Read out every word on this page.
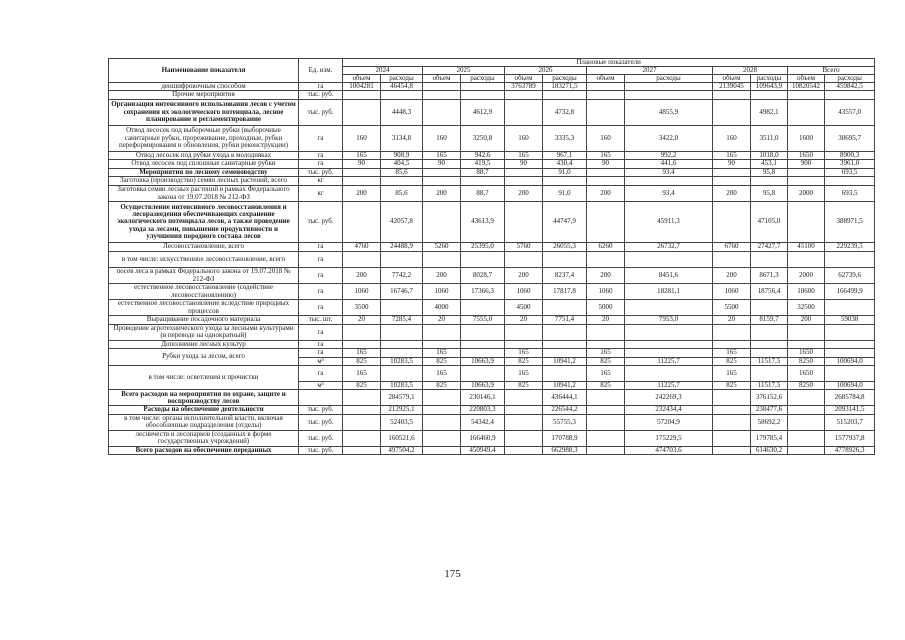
Наименование показателя	Ед. изм.	Плановые показатели											
		2024		2025		2026		2027		2028		Всего	
		объем	расходы	объем	расходы	объем	расходы	объем	расходы	объем	расходы	объем	расходы
деншифровочным способом	га	1004281	46454,8			3763789	183271,5			2139045	109643,9	10820542	459842,5
Прочие мероприятия	тыс. руб.												
Организация интенсивного использования лесов с учетом сохранения их экологического потенциала, лесное планирование и регламентирование	тыс. руб.		4448,3		4612,9		4732,8		4855,9		4982,1		43557,0
Отвод лесосек под выборочные рубки (выборочные санитарные рубки, прореживание, проходные, рубки переформирования и обновления, рубки реконструкции)	га	160	3134,8	160	3250,8	160	3335,3	160	3422,0	160	3511,0	1600	30695,7
Отвод лесосек под рубки ухода в молодняках	га	165	908,9	165	942,6	165	967,1	165	992,2	165	1018,0	1650	8900,3
Отвод лесосек под сплошные санитарные рубки	га	90	404,5	90	419,5	90	430,4	90	441,6	90	453,1	900	3961,0
Мероприятия по лесному семеноводству	тыс. руб.		85,6		88,7		91,0		93,4		95,8		693,5
Заготовка (производство) семян лесных растений, всего	кг												
Заготовка семян лесных растений в рамках Федерального закона от 19.07.2018 № 212-ФЗ	кг	200	85,6	200	88,7	200	91,0	200	93,4	200	95,8	2000	693,5
Осуществление интенсивного лесовосстановления и лесоразведения обеспечивающих сохранение экологического потенциала лесов, а также проведение ухода за лесами, повышение продуктивности и улучшения породного состава лесов	тыс. руб.		42057,8		43613,9		44747,9		45911,3		47105,0		388971,5
Лесовосстановление, всего	га	4760	24488,9	5260	25395,0	5760	26055,3	6260	26732,7	6760	27427,7	45100	229239,5
в том числе: искусственное лесовосстановление, всего	га												
посев леса в рамках Федерального закона от 19.07.2018 № 212-ФЗ	га	200	7742,2	200	8028,7	200	8237,4	200	8451,6	200	8671,3	2000	62739,6
естественное лесовосстановление (содействие лесовосстановлению)	га	1060	16746,7	1060	17366,3	1060	17817,8	1060	18281,1	1060	18756,4	10600	166499,9
естественное лесовосстановление вследствие природных процессов	га	3500		4000		4500		5000		5500		32500	
Выращивание посадочного материала	тыс. шт.	20	7285,4	20	7555,0	20	7751,4	20	7953,0	20	8159,7	200	59038
Проведение агротехнического ухода за лесными культурами (в переводе на однократный)	га												
Дополнение лесных культур	га												
Рубки ухода за лесом, всего	га	165		165		165		165		165		1650	
	м³	825	10283,5	825	10663,9	825	10941,2	825	11225,7	825	11517,5	8250	100694,0
в том числе: осветления и прочистки	га	165		165		165		165		165		1650	
	м³	825	10283,5	825	10663,9	825	10941,2	825	11225,7	825	11517,5	8250	100694,0
Всего расходов на мероприятия по охране, защите и воспроизводству лесов			284579,1		230146,1		436444,1		242269,3		376152,6		2685784,8
Расходы на обеспечение деятельности	тыс. руб.		212925,1		220803,3		226544,2		232434,4		238477,6		2093141,5
в том числе: органа исполнительной власти, включая обособленные подразделения (отделы)	тыс. руб.		52403,5		54342,4		55755,3		57204,9		58692,2		515203,7
лесничеств и лесопарков (созданных в форме государственных учреждений)	тыс. руб.		160521,6		166460,9		170788,9		175229,5		179785,4		1577937,8
Всего расходов на обеспечение переданных	тыс. руб.		497504,2		450949,4		662988,3		474703,6		614630,2		4778926,3
175
